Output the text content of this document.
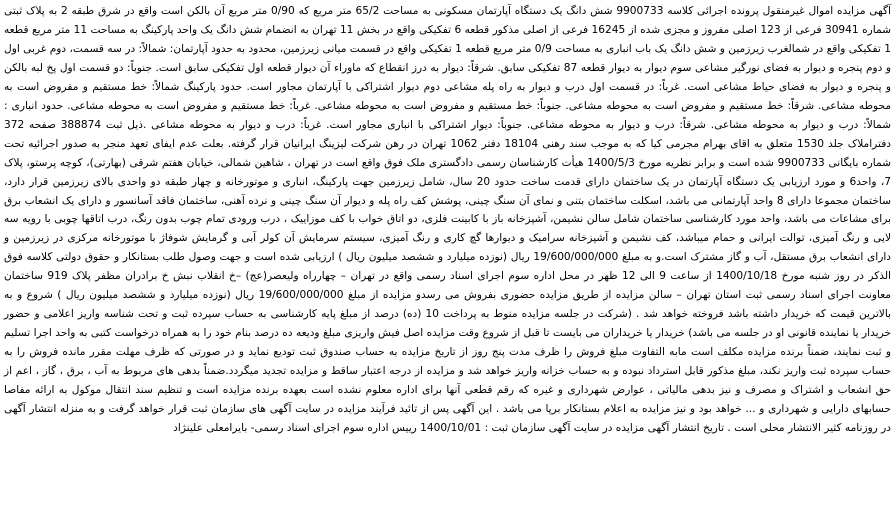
آگهی مزایده اموال غیرمنقول پرونده اجرائی کلاسه 9900733 شش دانگ یک دستگاه آپارتمان مسکونی به مساحت 65/2 متر مربع که 0/90 متر مربع آن بالکن است واقع در شرق طبقه 2 به پلاک ثبتی شماره 30941 فرعی از 123 اصلی مفروز و مجزی شده از 16245 فرعی از اصلی مذکور قطعه 6 تفکیکی واقع در بخش 11 تهران به انضمام شش دانگ یک واحد پارکینگ به مساحت 11 متر مربع قطعه 1 تفکیکی واقع در شمالغرب زیرزمین و شش دانگ یک باب انباری به مساحت 0/9 متر مربع قطعه 1 تفکیکی واقع در قسمت میانی زیرزمین، محدود به حدود آپارتمان: شمالاً: در سه قسمت، دوم غربی اول و دوم پنجره و دیوار به فضای نورگیر مشاعی سوم دیوار به دیوار قطعه 87 تفکیکی سابق. شرقاً: دیوار به درز انقطاع که ماوراء آن دیوار قطعه اول تفکیکی سابق است. جنوباً: دو قسمت اول پخ لبه بالکن و پنجره و دیوار به فضای حیاط مشاعی است. غرباً: در قسمت اول درب و دیوار به راه پله مشاعی دوم دیوار اشتراکی با آپارتمان مجاور است. حدود پارکینگ شمالاً: خط مستقیم و مفروض است به محوطه مشاعی. شرقاً: خط مستقیم و مفروض است به محوطه مشاعی. جنوباً: خط مستقیم و مفروض است به محوطه مشاعی. غرباً: خط مستقیم و مفروض است به محوطه مشاعی. حدود انباری : شمالاً: درب و دیوار به محوطه مشاعی. شرقاً: درب و دیوار به محوطه مشاعی. جنوباً: دیوار اشتراکی با انباری مجاور است. غرباً: درب و دیوار به محوطه مشاعی .ذیل ثبت 388874 صفحه 372 دفتراملاک جلد 1530 متعلق به اقای بهرام مجرمی کیا که به موجب سند رهنی 18104 دفتر 1062 تهران در رهن شرکت لیزینگ ایرانیان قرار گرفته. بعلت عدم ایفای تعهد منجر به صدور اجرائیه تحت شماره بایگانی 9900733 شده است و برابر نظریه مورخ 1400/5/3 هیأت کارشناسان رسمی دادگستری ملک فوق واقع است در تهران ، شاهین شمالی، خیابان هفتم شرقی (بهارتی)، کوچه پرستو، پلاک 7، واحد6 و مورد ارزیابی یک دستگاه آپارتمان در یک ساختمان دارای قدمت ساخت حدود 20 سال، شامل زیرزمین جهت پارکینگ، انباری و موتورخانه و چهار طبقه دو واحدی بالای زیرزمین قرار دارد، ساختمان مجموعا دارای 8 واحد آپارتمانی می باشد، اسکلت ساختمان بتنی و نمای آن سنگ چینی، پوشش کف راه پله و دیوار آن سنگ چینی و نرده آهنی، ساختمان فاقد آسانسور و دارای یک انشعاب برق برای مشاعات می باشد، واحد مورد کارشناسی ساختمان شامل سالن نشیمن، آشپزخانه باز با کابینت فلزی، دو اتاق خواب با کف موزاییک ، درب ورودی تمام چوب بدون رنگ، درب اتاقها چوبی با رویه سه لایی و رنگ آمیزی، توالت ایرانی و حمام میباشد، کف نشیمن و آشپزخانه سرامیک و دیوارها گچ کاری و رنگ آمیزی، سیستم سرمایش آن کولر آبی و گرمایش شوفاژ با موتورخانه مرکزی در زیرزمین و دارای انشعاب برق مستقل، آب و گاز مشترک است.و به مبلغ 19/600/000/000 ریال (نوزده میلیارد و ششصد میلیون ریال ) ارزیابی شده است و جهت وصول طلب بستانکار و حقوق دولتی کلاسه فوق الذکر در روز شنبه مورخ 1400/10/18 از ساعت 9 الی 12 ظهر در محل اداره سوم اجرای اسناد رسمی واقع در تهران – چهارراه ولیعصر(عج) –خ انقلاب نبش خ برادران مظفر پلاک 919 ساختمان معاونت اجرای اسناد رسمی ثبت استان تهران – سالن مزایده از طریق مزایده حضوری بفروش می رسدو مزایده از مبلغ 19/600/000/000 ریال (نوزده میلیارد و ششصد میلیون ریال ) شروع و به بالاترین قیمت که خریدار داشته باشد فروخته خواهد شد . (شرکت در جلسه مزایده منوط به پرداخت 10 (ده) درصد از مبلغ پایه کارشناسی به حساب سپرده ثبت و تحت شناسه واریز اعلامی و حضور خریدار یا نماینده قانونی او در جلسه می باشد) خریدار یا خریداران می بایست تا قبل از شروع وقت مزایده اصل فیش واریزی مبلغ ودیعه ده درصد بنام خود را به همراه درخواست کتبی به واحد اجرا تسلیم و ثبت نمایند، ضمناً برنده مزایده مکلف است مابه التفاوت مبلغ فروش را ظرف مدت پنج روز از تاریخ مزایده به حساب صندوق ثبت تودیع نماید و در صورتی که ظرف مهلت مقرر مانده فروش را به حساب سپرده ثبت واریز نکند، مبلغ مذکور قابل استرداد نبوده و به حساب خزانه واریز خواهد شد و مزایده از درجه اعتبار ساقط و مزایده تجدید میگردد.ضمناً بدهی های مربوط به آب ، برق ، گاز ، اعم از حق انشعاب و اشتراک و مصرف و نیز بدهی مالیاتی ، عوارض شهرداری و غیره که رقم قطعی آنها برای اداره معلوم نشده است بعهده برنده مزایده است و تنظیم سند انتقال موکول به ارائه مفاصا حسابهای دارایی و شهرداری و ... خواهد بود و نیز مزایده به اعلام بستانکار برپا می باشد . این آگهی پس از تائید فرآیند مزایده در سایت آگهی های سازمان ثبت قرار خواهد گرفت و به منزله انتشار آگهی در روزنامه کثیر الانتشار محلی است . تاریخ انتشار آگهی مزایده در سایت آگهی سازمان ثبت : 1400/10/01 رییس اداره سوم اجرای اسناد رسمی- بایرامعلی علینژاد
